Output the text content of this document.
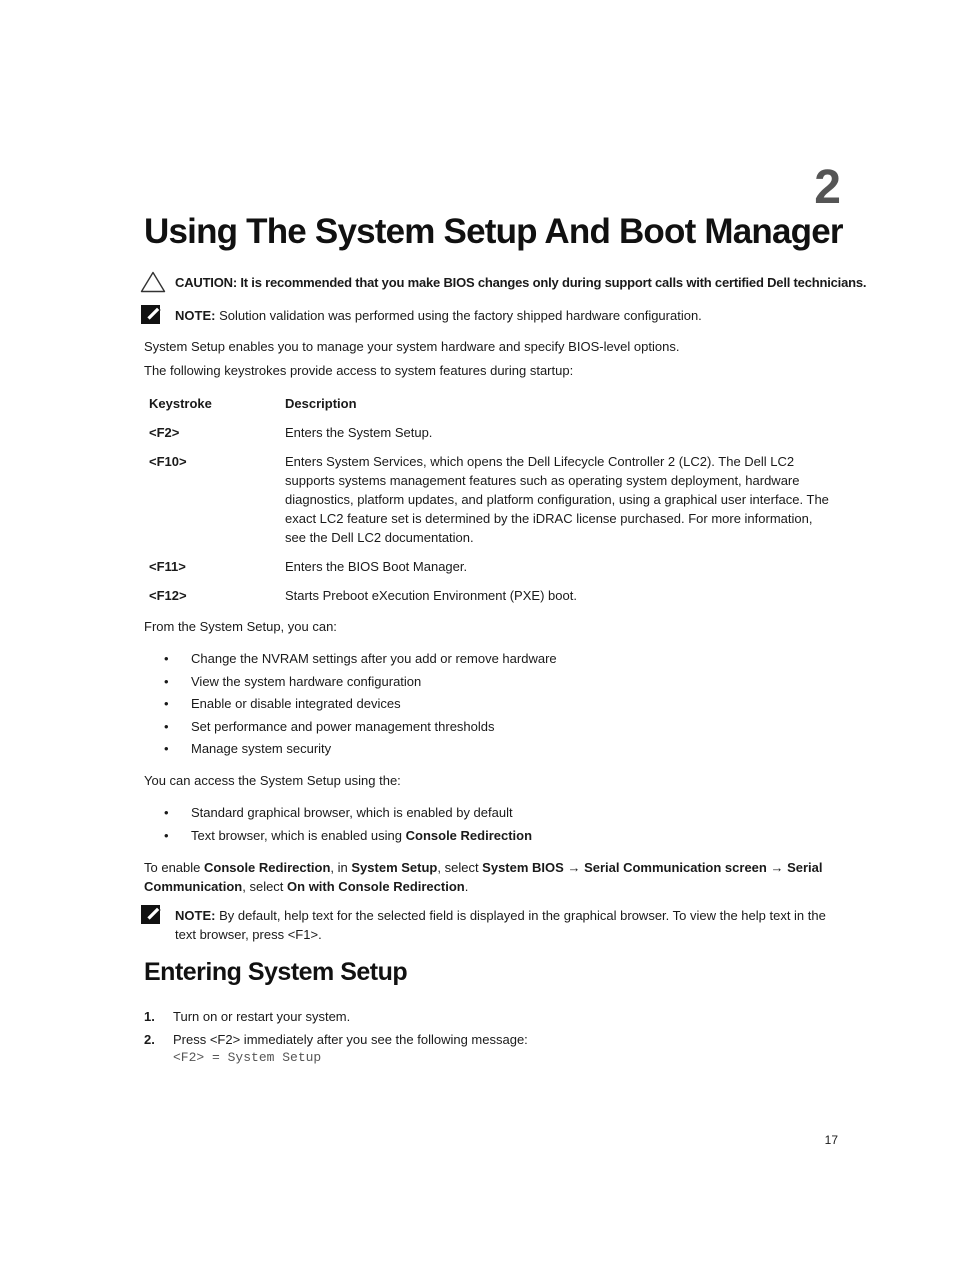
2
Using The System Setup And Boot Manager
CAUTION: It is recommended that you make BIOS changes only during support calls with certified Dell technicians.
NOTE: Solution validation was performed using the factory shipped hardware configuration.

System Setup enables you to manage your system hardware and specify BIOS-level options.

The following keystrokes provide access to system features during startup:

Keystroke	Description
<F2>	Enters the System Setup.
<F10>	Enters System Services, which opens the Dell Lifecycle Controller 2 (LC2). The Dell LC2 supports systems management features such as operating system deployment, hardware diagnostics, platform updates, and platform configuration, using a graphical user interface. The exact LC2 feature set is determined by the iDRAC license purchased. For more information, see the Dell LC2 documentation.
<F11>	Enters the BIOS Boot Manager.
<F12>	Starts Preboot eXecution Environment (PXE) boot.

From the System Setup, you can:

• Change the NVRAM settings after you add or remove hardware
• View the system hardware configuration
• Enable or disable integrated devices
• Set performance and power management thresholds
• Manage system security

You can access the System Setup using the:

• Standard graphical browser, which is enabled by default
• Text browser, which is enabled using Console Redirection

To enable Console Redirection, in System Setup, select System BIOS → Serial Communication screen → Serial
Communication, select On with Console Redirection.

NOTE: By default, help text for the selected field is displayed in the graphical browser. To view the help text in the
text browser, press <F1>.
Entering System Setup
1. Turn on or restart your system.
2. Press <F2> immediately after you see the following message:
<F2> = System Setup
17
